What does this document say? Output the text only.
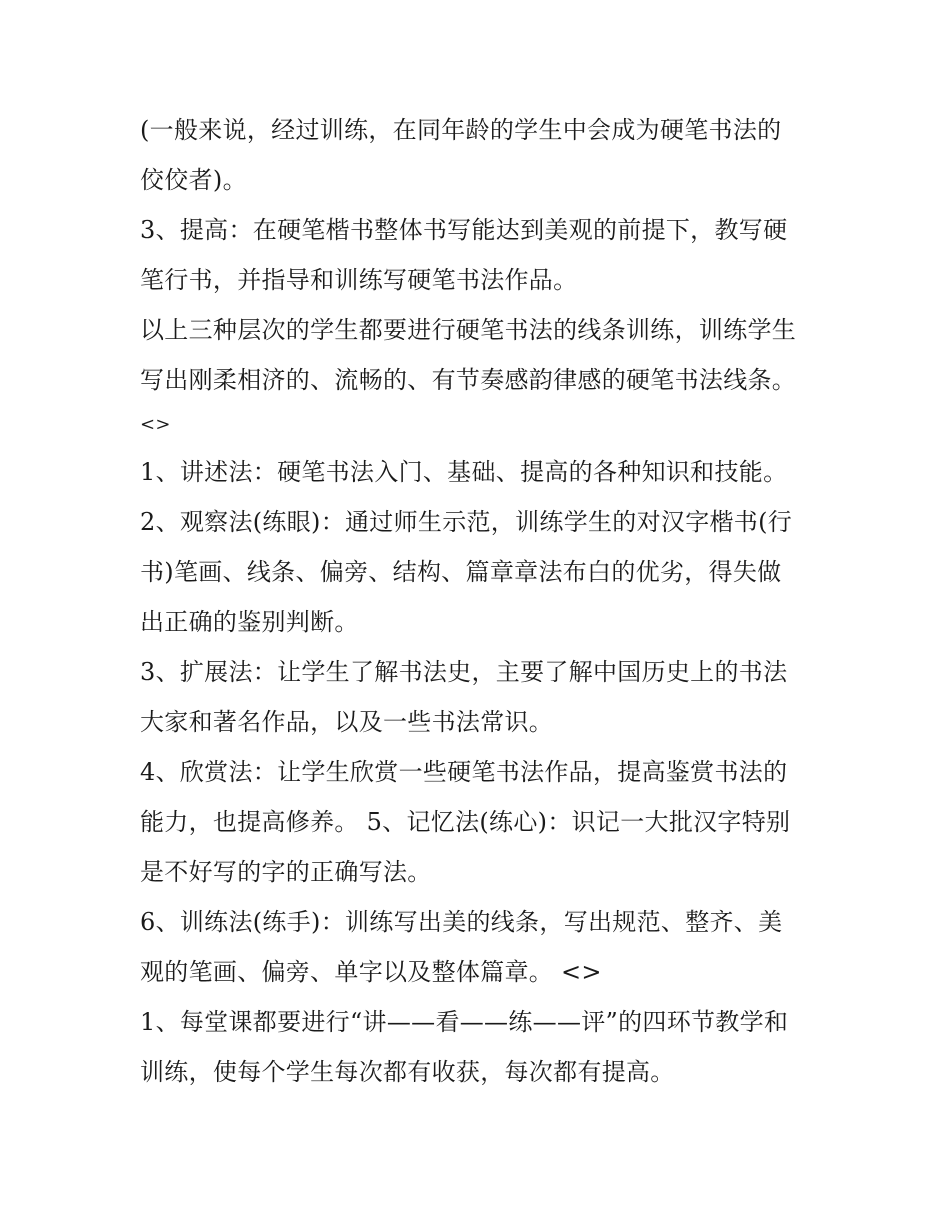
(一般来说，经过训练，在同年龄的学生中会成为硬笔书法的
佼佼者)。
3、提高：在硬笔楷书整体书写能达到美观的前提下，教写硬
笔行书，并指导和训练写硬笔书法作品。
以上三种层次的学生都要进行硬笔书法的线条训练，训练学生
写出刚柔相济的、流畅的、有节奏感韵律感的硬笔书法线条。
<>
1、讲述法：硬笔书法入门、基础、提高的各种知识和技能。
2、观察法(练眼)：通过师生示范，训练学生的对汉字楷书(行
书)笔画、线条、偏旁、结构、篇章章法布白的优劣，得失做
出正确的鉴别判断。
3、扩展法：让学生了解书法史，主要了解中国历史上的书法
大家和著名作品，以及一些书法常识。
4、欣赏法：让学生欣赏一些硬笔书法作品，提高鉴赏书法的
能力，也提高修养。 5、记忆法(练心)：识记一大批汉字特别
是不好写的字的正确写法。
6、训练法(练手)：训练写出美的线条，写出规范、整齐、美
观的笔画、偏旁、单字以及整体篇章。 <>
1、每堂课都要进行“讲——看——练——评”的四环节教学和
训练，使每个学生每次都有收获，每次都有提高。
